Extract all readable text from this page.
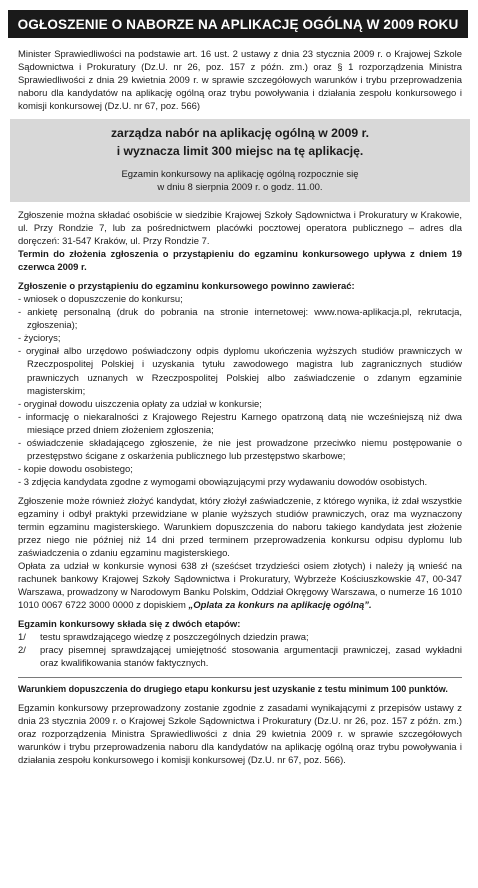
OGŁOSZENIE O NABORZE NA APLIKACJĘ OGÓLNĄ W 2009 ROKU

Minister Sprawiedliwości na podstawie art. 16 ust. 2 ustawy z dnia 23 stycznia 2009 r. o Krajowej Szkole Sądownictwa i Prokuratury (Dz.U. nr 26, poz. 157 z późn. zm.) oraz § 1 rozporządzenia Ministra Sprawiedliwości z dnia 29 kwietnia 2009 r. w sprawie szczegółowych warunków i trybu przeprowadzenia naboru dla kandydatów na aplikację ogólną oraz trybu powoływania i działania zespołu konkursowego i komisji konkursowej (Dz.U. nr 67, poz. 566)

zarządza nabór na aplikację ogólną w 2009 r.
i wyznacza limit 300 miejsc na tę aplikację.
Egzamin konkursowy na aplikację ogólną rozpocznie się
w dniu 8 sierpnia 2009 r. o godz. 11.00.

Zgłoszenie można składać osobiście w siedzibie Krajowej Szkoły Sądownictwa i Prokuratury w Krakowie, ul. Przy Rondzie 7, lub za pośrednictwem placówki pocztowej operatora publicznego – adres dla doręczeń: 31-547 Kraków, ul. Przy Rondzie 7.

Termin do złożenia zgłoszenia o przystąpieniu do egzaminu konkursowego upływa z dniem 19 czerwca 2009 r.

Zgłoszenie o przystąpieniu do egzaminu konkursowego powinno zawierać:

- wniosek o dopuszczenie do konkursu;
- ankietę personalną (druk do pobrania na stronie internetowej: www.nowa-aplikacja.pl, rekrutacja, zgłoszenia);
- życiorys;
- oryginał albo urzędowo poświadczony odpis dyplomu ukończenia wyższych studiów prawniczych w Rzeczpospolitej Polskiej i uzyskania tytułu zawodowego magistra lub zagranicznych studiów prawniczych uznanych w Rzeczpospolitej Polskiej albo zaświadczenie o zdanym egzaminie magisterskim;
- oryginał dowodu uiszczenia opłaty za udział w konkursie;
- informację o niekaralności z Krajowego Rejestru Karnego opatrzoną datą nie wcześniejszą niż dwa miesiące przed dniem złożeniem zgłoszenia;
- oświadczenie składającego zgłoszenie, że nie jest prowadzone przeciwko niemu postępowanie o przestępstwo ścigane z oskarżenia publicznego lub przestępstwo skarbowe;
- kopie dowodu osobistego;
- 3 zdjęcia kandydata zgodne z wymogami obowiązującymi przy wydawaniu dowodów osobistych.

Zgłoszenie może również złożyć kandydat, który złożył zaświadczenie, z którego wynika, iż zdał wszystkie egzaminy i odbył praktyki przewidziane w planie wyższych studiów prawniczych, oraz ma wyznaczony termin egzaminu magisterskiego. Warunkiem dopuszczenia do naboru takiego kandydata jest złożenie przez niego nie później niż 14 dni przed terminem przeprowadzenia konkursu odpisu dyplomu lub zaświadczenia o zdaniu egzaminu magisterskiego.

Opłata za udział w konkursie wynosi 638 zł (sześćset trzydzieści osiem złotych) i należy ją wnieść na rachunek bankowy Krajowej Szkoły Sądownictwa i Prokuratury, Wybrzeże Kościuszkowskie 47, 00-347 Warszawa, prowadzony w Narodowym Banku Polskim, Oddział Okręgowy Warszawa, o numerze 16 1010 1010 0067 6722 3000 0000 z dopiskiem „Oplata za konkurs na aplikację ogólną”.

Egzamin konkursowy składa się z dwóch etapów:

1/ testu sprawdzającego wiedzę z poszczególnych dziedzin prawa;
2/ pracy pisemnej sprawdzającej umiejętność stosowania argumentacji prawniczej, zasad wykładni oraz kwalifikowania stanów faktycznych.

Warunkiem dopuszczenia do drugiego etapu konkursu jest uzyskanie z testu minimum 100 punktów.

Egzamin konkursowy przeprowadzony zostanie zgodnie z zasadami wynikającymi z przepisów ustawy z dnia 23 stycznia 2009 r. o Krajowej Szkole Sądownictwa i Prokuratury (Dz.U. nr 26, poz. 157 z późn. zm.) oraz rozporządzenia Ministra Sprawiedliwości z dnia 29 kwietnia 2009 r. w sprawie szczegółowych warunków i trybu przeprowadzenia naboru dla kandydatów na aplikację ogólną oraz trybu powoływania i działania zespołu konkursowego i komisji konkursowej (Dz.U. nr 67, poz. 566).
